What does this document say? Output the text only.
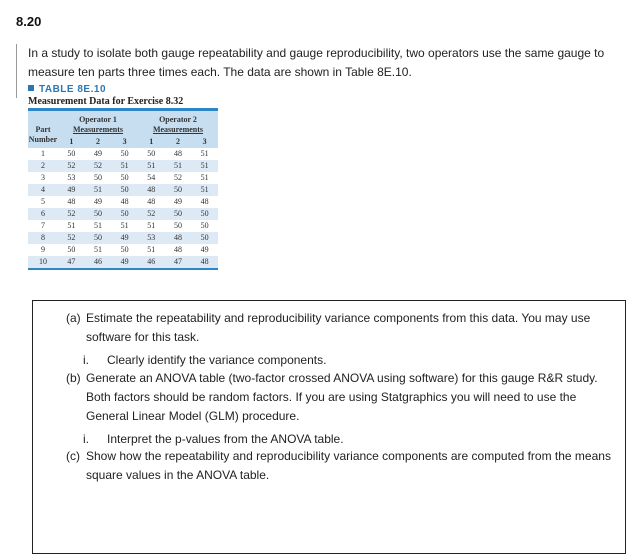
8.20

In a study to isolate both gauge repeatability and gauge reproducibility, two operators use the same gauge to measure ten parts three times each. The data are shown in Table 8E.10.

TABLE 8E.10
Measurement Data for Exercise 8.32
	Operator 1			Operator 2		
Part	Measurements			Measurements		
Number	1	2	3	1	2	3
1	50	49	50	50	48	51
2	52	52	51	51	51	51
3	53	50	50	54	52	51
4	49	51	50	48	50	51
5	48	49	48	48	49	48
6	52	50	50	52	50	50
7	51	51	51	51	50	50
8	52	50	49	53	48	50
9	50	51	50	51	48	49
10	47	46	49	46	47	48
(a) Estimate the repeatability and reproducibility variance components from this data. You may use software for this task.
i. Clearly identify the variance components.
(b) Generate an ANOVA table (two-factor crossed ANOVA using software) for this gauge R&R study. Both factors should be random factors. If you are using Statgraphics you will need to use the General Linear Model (GLM) procedure.
i. Interpret the p-values from the ANOVA table.
(c) Show how the repeatability and reproducibility variance components are computed from the means square values in the ANOVA table.
